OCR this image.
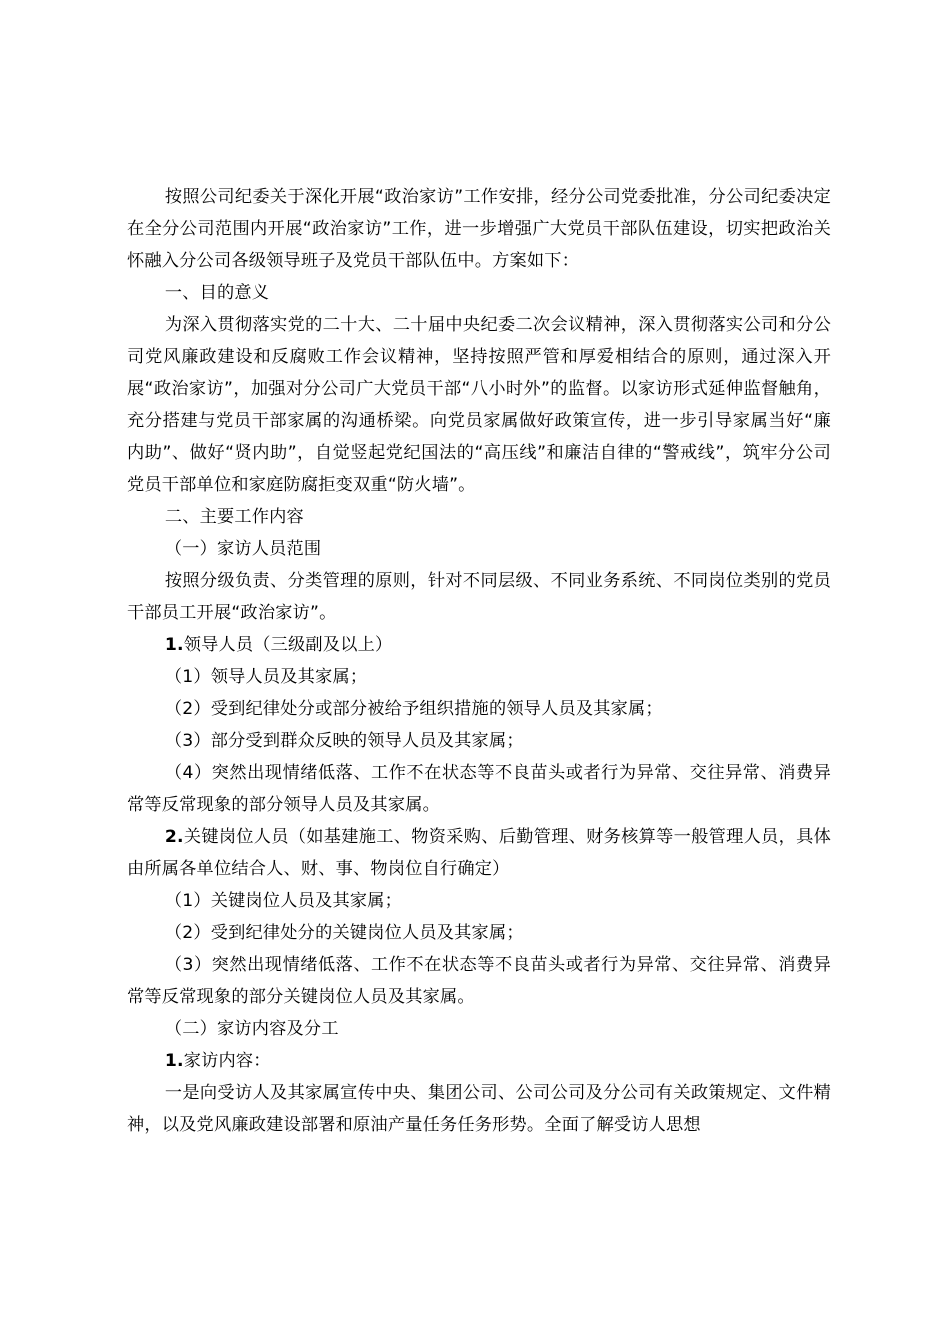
按照公司纪委关于深化开展“政治家访”工作安排，经分公司党委批准，分公司纪委决定在全分公司范围内开展“政治家访”工作，进一步增强广大党员干部队伍建设，切实把政治关怀融入分公司各级领导班子及党员干部队伍中。方案如下：

一、目的意义

为深入贯彻落实党的二十大、二十届中央纪委二次会议精神，深入贯彻落实公司和分公司党风廉政建设和反腐败工作会议精神，坚持按照严管和厚爱相结合的原则，通过深入开展“政治家访”，加强对分公司广大党员干部“八小时外”的监督。以家访形式延伸监督触角，充分搭建与党员干部家属的沟通桥梁。向党员家属做好政策宣传，进一步引导家属当好“廉内助”、做好“贤内助”，自觉竖起党纪国法的“高压线”和廉洁自律的“警戒线”，筑牢分公司党员干部单位和家庭防腐拒变双重“防火墙”。

二、主要工作内容

（一）家访人员范围

按照分级负责、分类管理的原则，针对不同层级、不同业务系统、不同岗位类别的党员干部员工开展“政治家访”。

1.领导人员（三级副及以上）

（1）领导人员及其家属；

（2）受到纪律处分或部分被给予组织措施的领导人员及其家属；

（3）部分受到群众反映的领导人员及其家属；

（4）突然出现情绪低落、工作不在状态等不良苗头或者行为异常、交往异常、消费异常等反常现象的部分领导人员及其家属。

2.关键岗位人员（如基建施工、物资采购、后勤管理、财务核算等一般管理人员，具体由所属各单位结合人、财、事、物岗位自行确定）

（1）关键岗位人员及其家属；

（2）受到纪律处分的关键岗位人员及其家属；

（3）突然出现情绪低落、工作不在状态等不良苗头或者行为异常、交往异常、消费异常等反常现象的部分关键岗位人员及其家属。

（二）家访内容及分工

1.家访内容：

一是向受访人及其家属宣传中央、集团公司、公司公司及分公司有关政策规定、文件精神，以及党风廉政建设部署和原油产量任务任务形势。全面了解受访人思想
